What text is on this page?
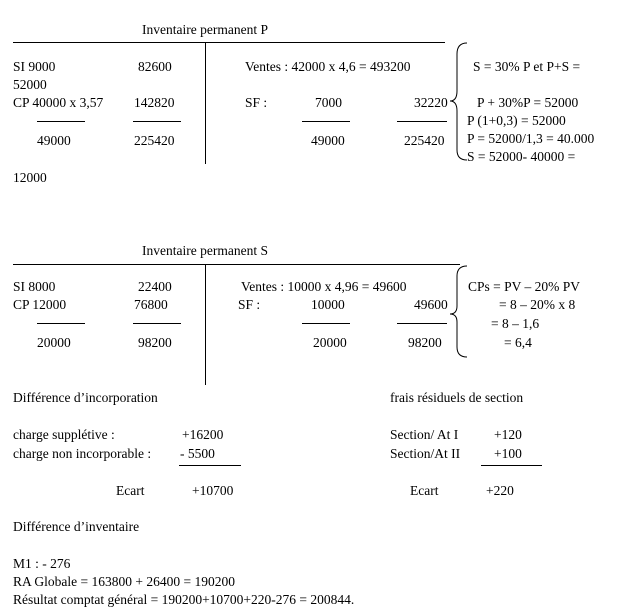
Inventaire permanent P
SI 9000	82600
52000
CP 40000 x 3,57 142820
49000	225420
Ventes : 42000 x 4,6 = 493200
SF :	7000	32220
49000	225420
S = 30% P et P+S =
P + 30%P = 52000
P (1+0,3) = 52000
P = 52000/1,3 = 40.000
S = 52000- 40000 =
12000
Inventaire permanent S
SI 8000	22400
CP 12000	76800
20000	98200
Ventes : 10000 x 4,96 = 49600
SF :	10000	49600
20000	98200
CPs = PV – 20% PV
= 8 – 20% x 8
= 8 – 1,6
= 6,4
Différence d’incorporation
charge supplétive :	+16200
charge non incorporable : - 5500
Ecart	+10700
frais résiduels de section
Section/ At I	+120
Section/At II	+100
Ecart	+220
Différence d’inventaire
M1 : - 276
RA Globale = 163800 + 26400 = 190200
Résultat comptat général = 190200+10700+220-276 = 200844.
